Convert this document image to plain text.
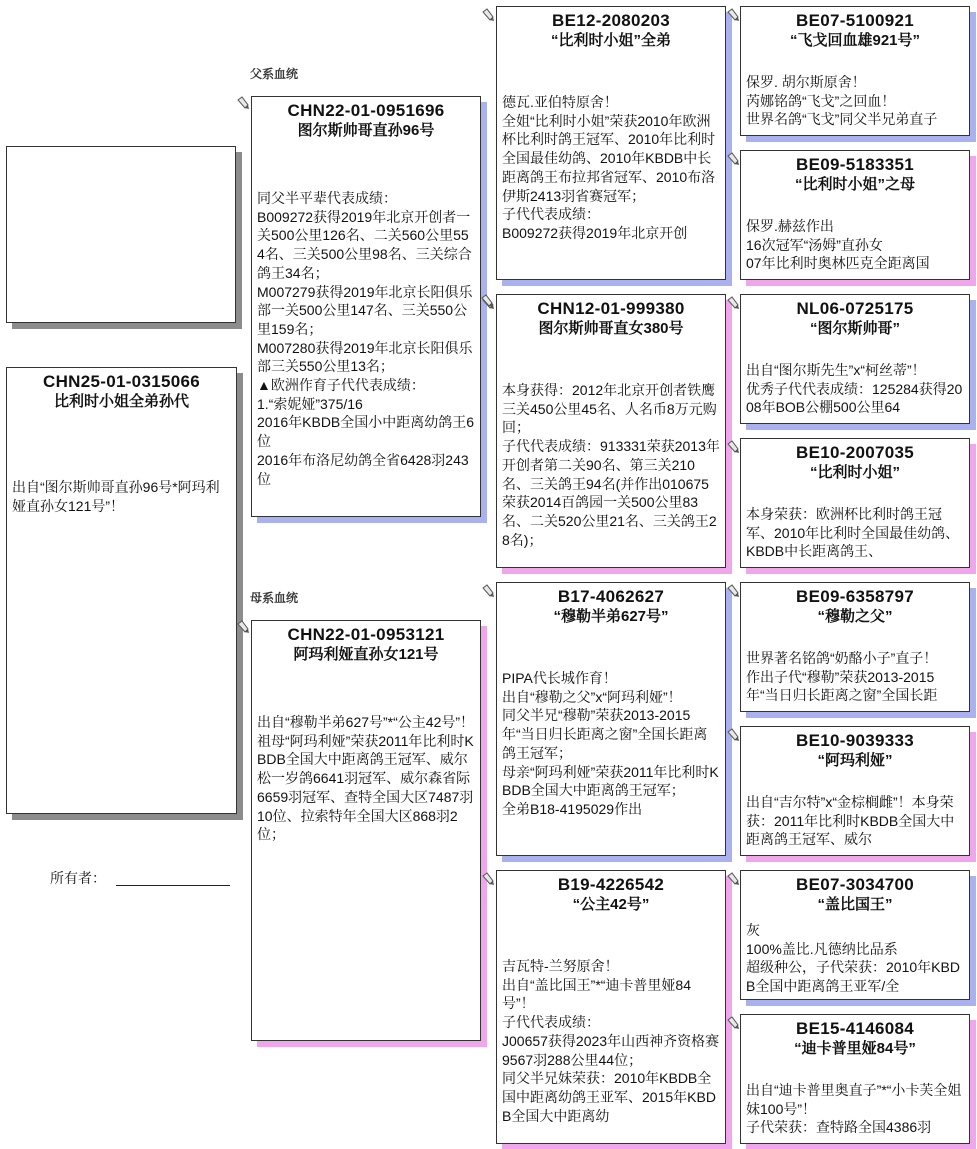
CHN25-01-0315066
比利时小姐全弟孙代
出自“图尔斯帅哥直孙96号*阿玛利娅直孙女121号”！
父系血统
母系血统
CHN22-01-0951696
图尔斯帅哥直孙96号
同父半平辈代表成绩：
B009272获得2019年北京开创者一关500公里126名、二关560公里554名、三关500公里98名、三关综合鸽王34名；
M007279获得2019年北京长阳俱乐部一关500公里147名、三关550公里159名；
M007280获得2019年北京长阳俱乐部三关550公里13名；
▲欧洲作育子代代表成绩：
1.“索妮娅”375/16
2016年KBDB全国小中距离幼鸽王6位
2016年布洛尼幼鸽全省6428羽243位
CHN22-01-0953121
阿玛利娅直孙女121号
出自“穆勒半弟627号”*“公主42号”！
祖母“阿玛利娅”荣获2011年比利时KBDB全国大中距离鸽王冠军、威尔松一岁鸽6641羽冠军、威尔森省际6659羽冠军、查特全国大区7487羽10位、拉索特年全国大区868羽2位；
所有者：
BE12-2080203
“比利时小姐”全弟
德瓦.亚伯特原舍！
全姐“比利时小姐”荣获2010年欧洲杯比利时鸽王冠军、2010年比利时全国最佳幼鸽、2010年KBDB中长距离鸽王布拉邦省冠军、2010布洛伊斯2413羽省赛冠军；
子代代表成绩：
B009272获得2019年北京开创
CHN12-01-999380
图尔斯帅哥直女380号
本身获得：2012年北京开创者铁鹰三关450公里45名、人名币8万元购回；
子代代表成绩：913331荣获2013年开创者第二关90名、第三关210名、三关鸽王94名(并作出010675荣获2014百鸽园一关500公里83名、二关520公里21名、三关鸽王28名)；
B17-4062627
“穆勒半弟627号”
PIPA代长城作育！
出自“穆勒之父”x“阿玛利娅”！
同父半兄“穆勒”荣获2013-2015年“当日归长距离之窗”全国长距离鸽王冠军；
母亲“阿玛利娅”荣获2011年比利时KBDB全国大中距离鸽王冠军；
全弟B18-4195029作出
B19-4226542
“公主42号”
吉瓦特-兰努原舍！
出自“盖比国王”*“迪卡普里娅84号”！
子代代表成绩：
J00657获得2023年山西神齐资格赛9567羽288公里44位；
同父半兄妹荣获：2010年KBDB全国中距离幼鸽王亚军、2015年KBDB全国大中距离幼
BE07-5100921
“飞戈回血雄921号”
保罗. 胡尔斯原舍！
芮娜铭鸽“飞戈”之回血！
世界名鸽“飞戈”同父半兄弟直子
BE09-5183351
“比利时小姐”之母
保罗.赫兹作出
16次冠军“汤姆”直孙女
07年比利时奥林匹克全距离国
NL06-0725175
“图尔斯帅哥”
出自“图尔斯先生”x“柯丝蒂”！
优秀子代代表成绩：125284获得2008年BOB公棚500公里64
BE10-2007035
“比利时小姐”
本身荣获：欧洲杯比利时鸽王冠军、2010年比利时全国最佳幼鸽、KBDB中长距离鸽王、
BE09-6358797
“穆勒之父”
世界著名铭鸽“奶酪小子”直子！
作出子代“穆勒”荣获2013-2015年“当日归长距离之窗”全国长距
BE10-9039333
“阿玛利娅”
出自“吉尔特”x“金棕榈雌”！本身荣获：2011年比利时KBDB全国大中距离鸽王冠军、威尔
BE07-3034700
“盖比国王”
灰
100%盖比.凡德纳比品系
超级种公，子代荣获：2010年KBDB全国中距离鸽王亚军/全
BE15-4146084
“迪卡普里娅84号”
出自“迪卡普里奥直子”*“小卡芙全姐妹100号”！
子代荣获：查特路全国4386羽
